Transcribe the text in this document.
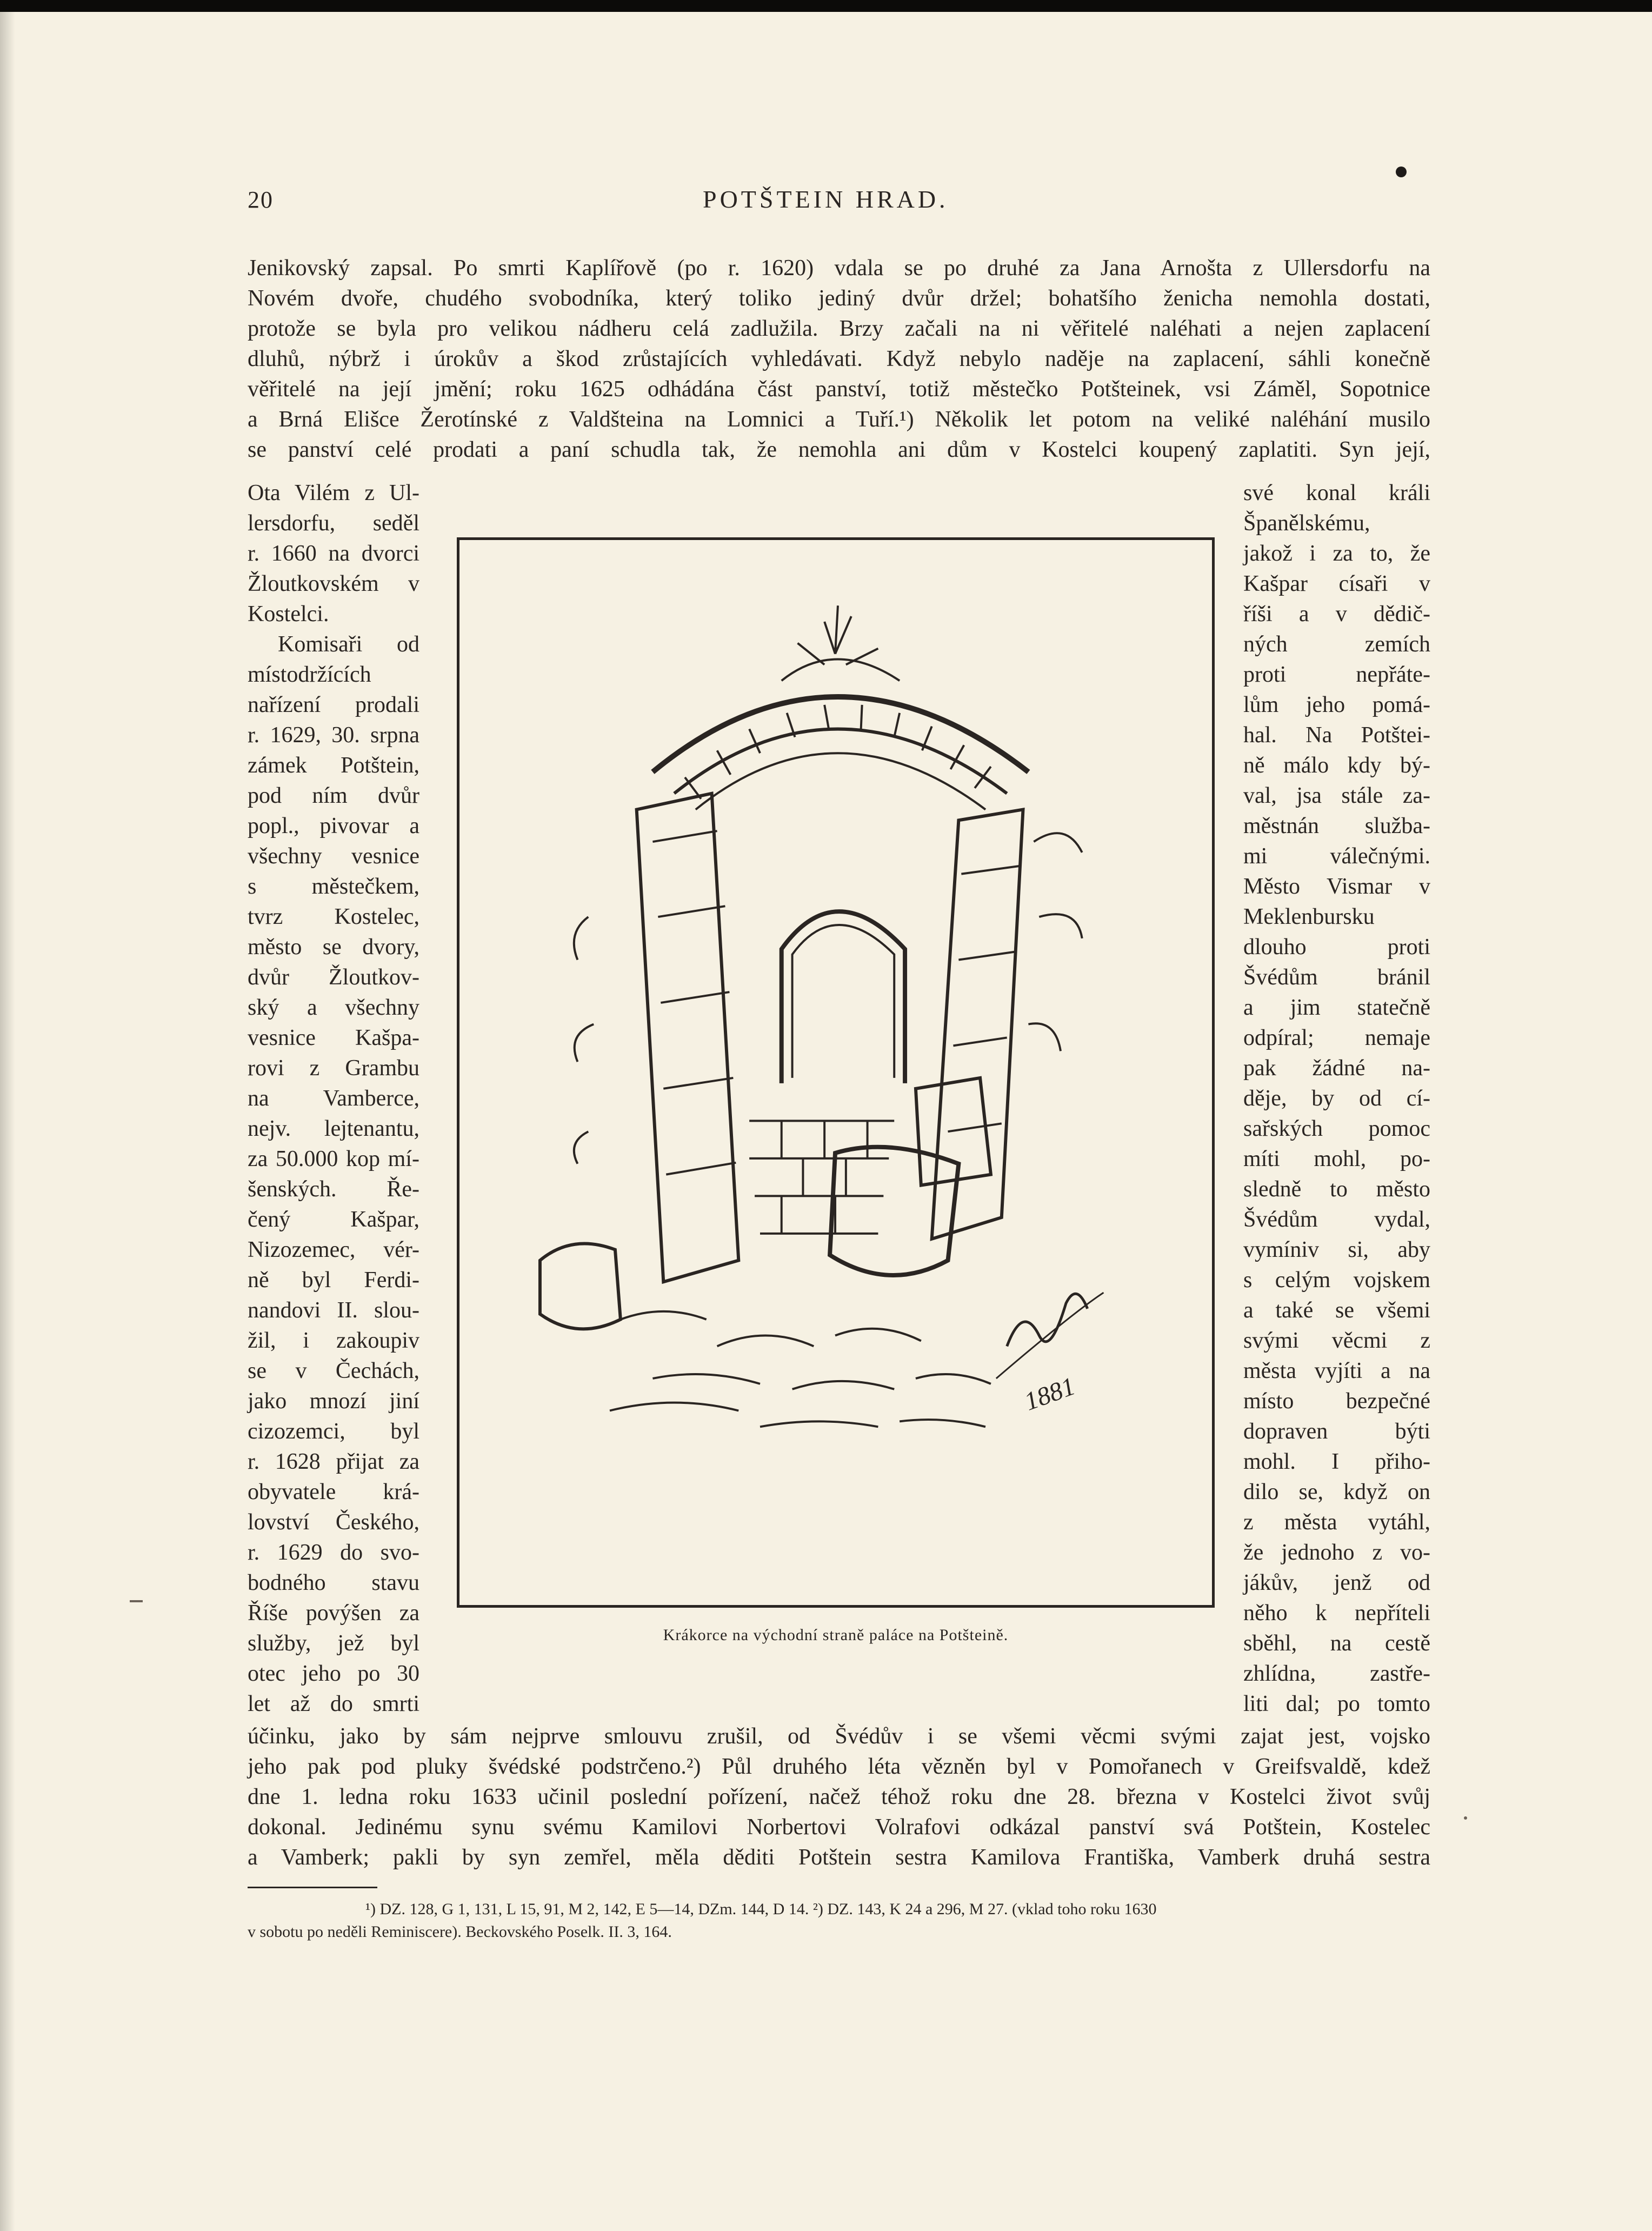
20	POTŠTEIN HRAD.
Jenikovský zapsal. Po smrti Kaplířově (po r. 1620) vdala se po druhé za Jana Arnošta z Ullersdorfu na
Novém dvoře, chudého svobodníka, který toliko jediný dvůr držel; bohatšího ženicha nemohla dostati,
protože se byla pro velikou nádheru celá zadlužila. Brzy začali na ni věřitelé naléhati a nejen zaplacení
dluhů, nýbrž i úrokův a škod zrůstajících vyhledávati. Když nebylo naděje na zaplacení, sáhli konečně
věřitelé na její jmění; roku 1625 odhádána část panství, totiž městečko Potšteinek, vsi Záměl, Sopotnice
a Brná Elišce Žerotínské z Valdšteina na Lomnici a Tuří.¹) Několik let potom na veliké naléhání musilo
se panství celé prodati a paní schudla tak, že nemohla ani dům v Kostelci koupený zaplatiti. Syn její,
Ota Vilém z Ul-
lersdorfu, seděl
r. 1660 na dvorci
Žloutkovském v
Kostelci.
Komisaři od
místodržících
nařízení prodali
r. 1629, 30. srpna
zámek Potštein,
pod ním dvůr
popl., pivovar a
všechny vesnice
s městečkem,
tvrz Kostelec,
město se dvory,
dvůr Žloutkov-
ský a všechny
vesnice Kašpa-
rovi z Grambu
na Vamberce,
nejv. lejtenantu,
za 50.000 kop mí-
šenských. Ře-
čený Kašpar,
Nizozemec, vér-
ně byl Ferdi-
nandovi II. slou-
žil, i zakoupiv
se v Čechách,
jako mnozí jiní
cizozemci, byl
r. 1628 přijat za
obyvatele krá-
lovství Českého,
r. 1629 do svo-
bodného stavu
Říše povýšen za
služby, jež byl
otec jeho po 30
let až do smrti
své konal králi
Španělskému,
jakož i za to, že
Kašpar císaři v
říši a v dědič-
ných zemích
proti nepřáte-
lům jeho pomá-
hal. Na Potštei-
ně málo kdy bý-
val, jsa stále za-
městnán služba-
mi válečnými.
Město Vismar v
Meklenbursku
dlouho proti
Švédům bránil
a jim statečně
odpíral; nemaje
pak žádné na-
děje, by od cí-
sařských pomoc
míti mohl, po-
sledně to město
Švédům vydal,
vymíniv si, aby
s celým vojskem
a také se všemi
svými věcmi z
města vyjíti a na
místo bezpečné
dopraven býti
mohl. I přiho-
dilo se, když on
z města vytáhl,
že jednoho z vo-
jákův, jenž od
něho k nepříteli
sběhl, na cestě
zhlídna, zastře-
liti dal; po tomto
1881
Krákorce na východní straně paláce na Potšteině.
účinku, jako by sám nejprve smlouvu zrušil, od Švédův i se všemi věcmi svými zajat jest, vojsko
jeho pak pod pluky švédské podstrčeno.²) Půl druhého léta vězněn byl v Pomořanech v Greifsvaldě, kdež
dne 1. ledna roku 1633 učinil poslední pořízení, načež téhož roku dne 28. března v Kostelci život svůj
dokonal. Jedinému synu svému Kamilovi Norbertovi Volrafovi odkázal panství svá Potštein, Kostelec
a Vamberk; pakli by syn zemřel, měla děditi Potštein sestra Kamilova Františka, Vamberk druhá sestra
¹) DZ. 128, G 1, 131, L 15, 91, M 2, 142, E 5—14, DZm. 144, D 14. ²) DZ. 143, K 24 a 296, M 27. (vklad toho roku 1630
v sobotu po neděli Reminiscere). Beckovského Poselk. II. 3, 164.
